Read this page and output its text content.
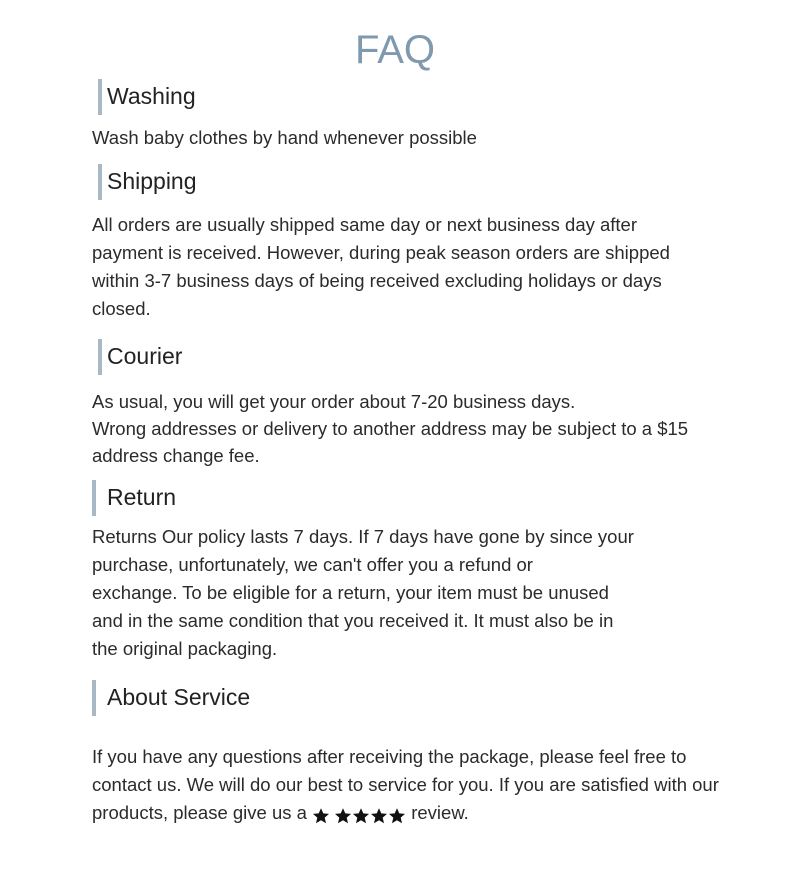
FAQ
Washing

Wash baby clothes by hand whenever possible

Shipping

All orders are usually shipped same day or next business day after
payment is received. However, during peak season orders are shipped
within 3-7 business days of being received excluding holidays or days
closed.

Courier

As usual, you will get your order about 7-20 business days.
Wrong addresses or delivery to another address may be subject to a $15
address change fee.

Return

Returns Our policy lasts 7 days. If 7 days have gone by since your
purchase, unfortunately, we can't offer you a refund or
exchange. To be eligible for a return, your item must be unused
and in the same condition that you received it. It must also be in
the original packaging.

About Service

If you have any questions after receiving the package, please feel free to
contact us. We will do our best to service for you. If you are satisfied with our
products, please give us a	review.
